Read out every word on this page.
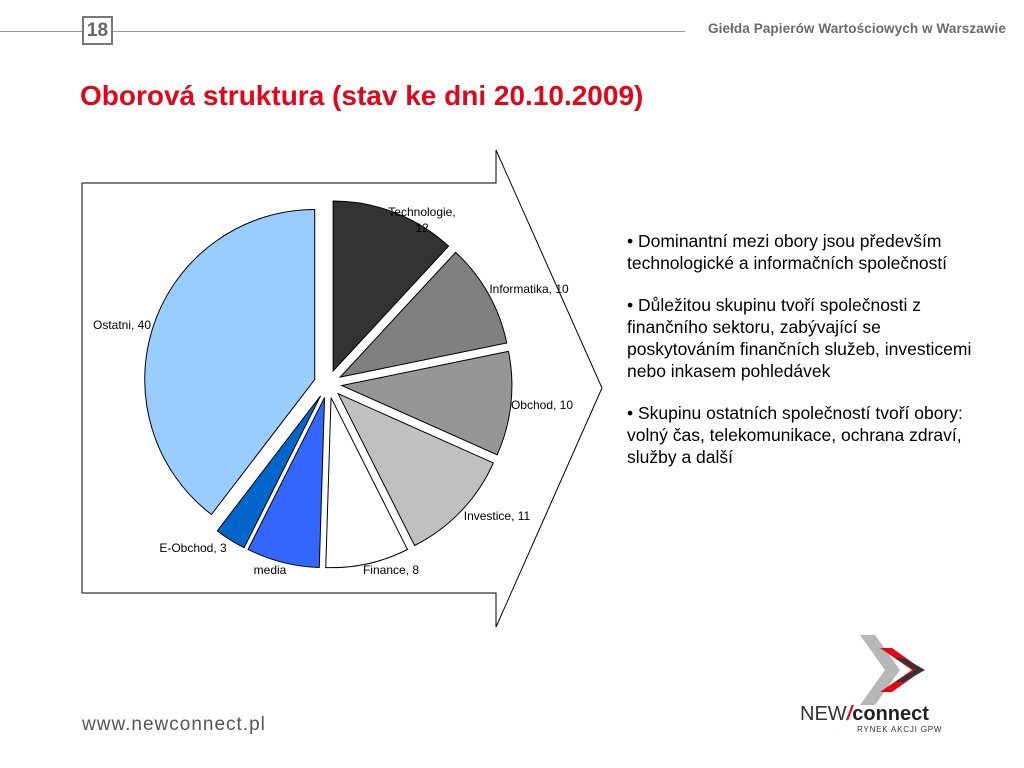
18	Giełda Papierów Wartościowych w Warszawie
Oborová struktura (stav ke dni 20.10.2009)
Technologie, 12
Informatika, 10
Obchod, 10
Investice, 11
Finance, 8
media
E-Obchod, 3
Ostatni, 40

• Dominantní mezi obory jsou především technologické a informačních společností

• Důležitou skupinu tvoří společnosti z finančního sektoru, zabývající se poskytováním finančních služeb, investicemi nebo inkasem pohledávek

• Skupinu ostatních společností tvoří obory: volný čas, telekomunikace, ochrana zdraví, služby a další

www.newconnect.pl	NEW/connect
RYNEK AKCJI GPW
